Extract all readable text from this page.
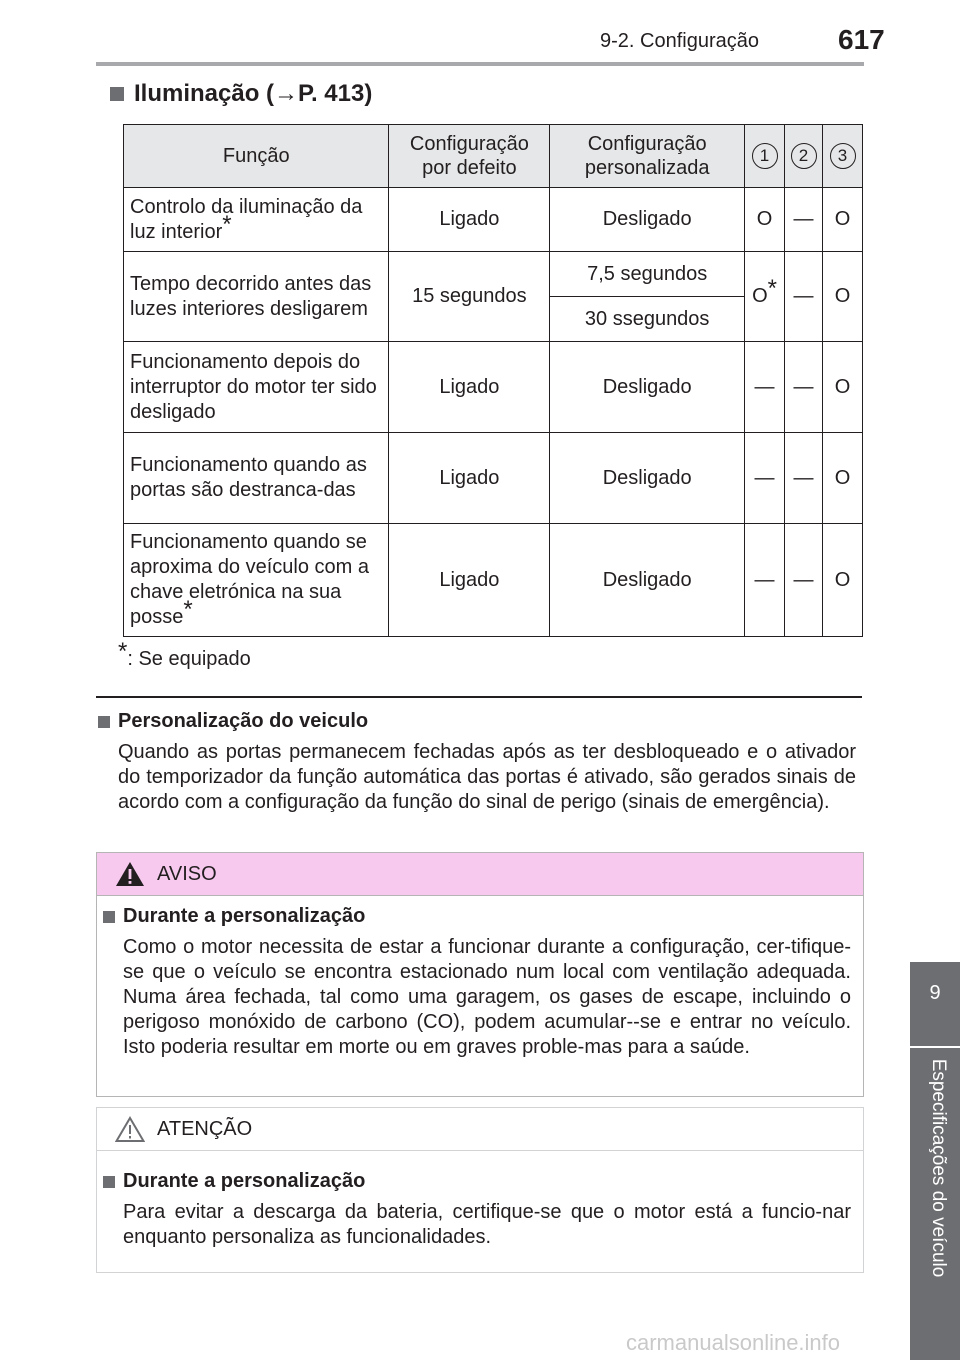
9-2. Configuração	617
Iluminação (→P. 413)
Função	Configuração por defeito	Configuração personalizada	1	2	3
Controlo da iluminação da luz interior*	Ligado	Desligado	O	—	O
Tempo decorrido antes das luzes interiores desligarem	15 segundos	7,5 segundos	O*	—	O
		30 ssegundos			
Funcionamento depois do interruptor do motor ter sido desligado	Ligado	Desligado	—	—	O
Funcionamento quando as portas são destranca-das	Ligado	Desligado	—	—	O
Funcionamento quando se aproxima do veículo com a chave eletrónica na sua posse*	Ligado	Desligado	—	—	O
*: Se equipado
Personalização do veiculo
Quando as portas permanecem fechadas após as ter desbloqueado e o ativador do temporizador da função automática das portas é ativado, são gerados sinais de acordo com a configuração da função do sinal de perigo (sinais de emergência).
AVISO
Durante a personalização
Como o motor necessita de estar a funcionar durante a configuração, cer-tifique-se que o veículo se encontra estacionado num local com ventilação adequada. Numa área fechada, tal como uma garagem, os gases de escape, incluindo o perigoso monóxido de carbono (CO), podem acumular--se e entrar no veículo. Isto poderia resultar em morte ou em graves proble-mas para a saúde.
ATENÇÃO
Durante a personalização
Para evitar a descarga da bateria, certifique-se que o motor está a funcio-nar enquanto personaliza as funcionalidades.
9
Especificações do veículo
carmanualsonline.info
